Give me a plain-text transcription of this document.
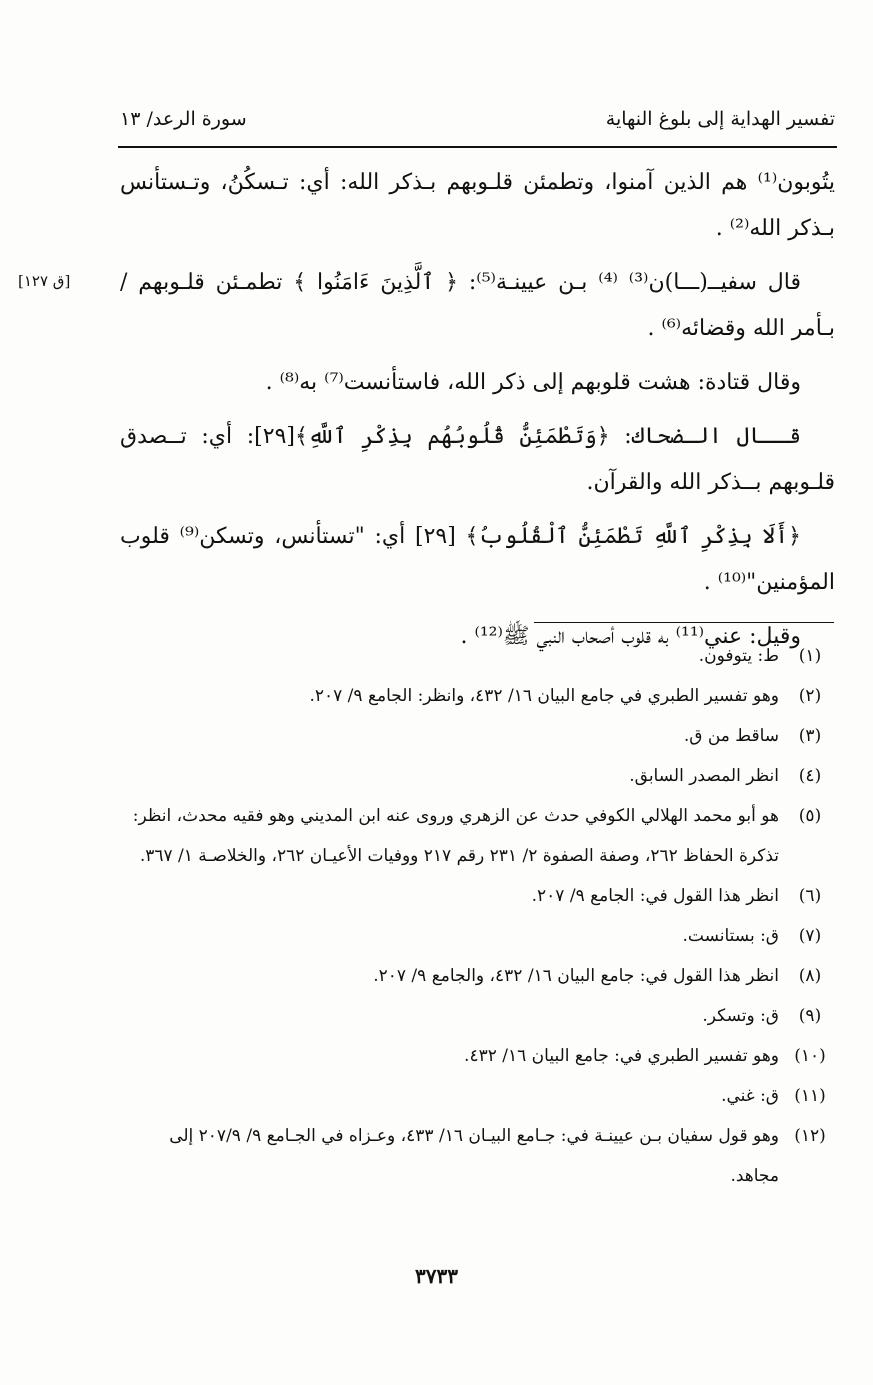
تفسير الهداية إلى بلوغ النهاية
سورة الرعد/ ١٣
[ق ١٢٧]

يتُوبون⁽¹⁾ هم الذين آمنوا، وتطمئن قلـوبهم بـذكر الله: أي: تـسكُنُ، وتـستأنس بـذكر الله⁽²⁾ .

قال سفيــ(ـــا)ن⁽³⁾ ⁽⁴⁾ بـن عيينـة⁽⁵⁾: ﴿ ٱلَّذِينَ ءَامَنُوا ﴾ تطمـئن قلـوبهم / بـأمر الله وقضائه⁽⁶⁾ .

وقال قتادة: هشت قلوبهم إلى ذكر الله، فاستأنست⁽⁷⁾ به⁽⁸⁾ .

قــال الـضحاك: ﴿وَتَطْمَئِنُّ قُلُوبُهُم بِذِكْرِ ٱللَّهِ﴾[٢٩]: أي: تــصدق قلـوبهم بــذكر الله والقرآن.

﴿أَلَا بِذِكْرِ ٱللَّهِ تَطْمَئِنُّ ٱلْقُلُوبُ﴾ [٢٩] أي: "تستأنس، وتسكن⁽⁹⁾ قلوب المؤمنين"⁽¹⁰⁾ .

وقيل: عني⁽¹¹⁾ به قلوب أصحاب النبي ﷺ⁽¹²⁾ .

(١)
ط: يتوفون.
(٢)
وهو تفسير الطبري في جامع البيان ١٦/ ٤٣٢، وانظر: الجامع ٩/ ٢٠٧.
(٣)
ساقط من ق.
(٤)
انظر المصدر السابق.
(٥)
هو أبو محمد الهلالي الكوفي حدث عن الزهري وروى عنه ابن المديني وهو فقيه محدث، انظر: تذكرة الحفاظ ٢٦٢، وصفة الصفوة ٢/ ٢٣١ رقم ٢١٧ ووفيات الأعيـان ٢٦٢، والخلاصـة ١/ ٣٦٧.
(٦)
انظر هذا القول في: الجامع ٩/ ٢٠٧.
(٧)
ق: بستانست.
(٨)
انظر هذا القول في: جامع البيان ١٦/ ٤٣٢، والجامع ٩/ ٢٠٧.
(٩)
ق: وتسكر.
(١٠)
وهو تفسير الطبري في: جامع البيان ١٦/ ٤٣٢.
(١١)
ق: غني.
(١٢)
وهو قول سفيان بـن عيينـة في: جـامع البيـان ١٦/ ٤٣٣، وعـزاه في الجـامع ٩/ ٢٠٧/٩ إلى مجاهد.
٣٧٣٣
